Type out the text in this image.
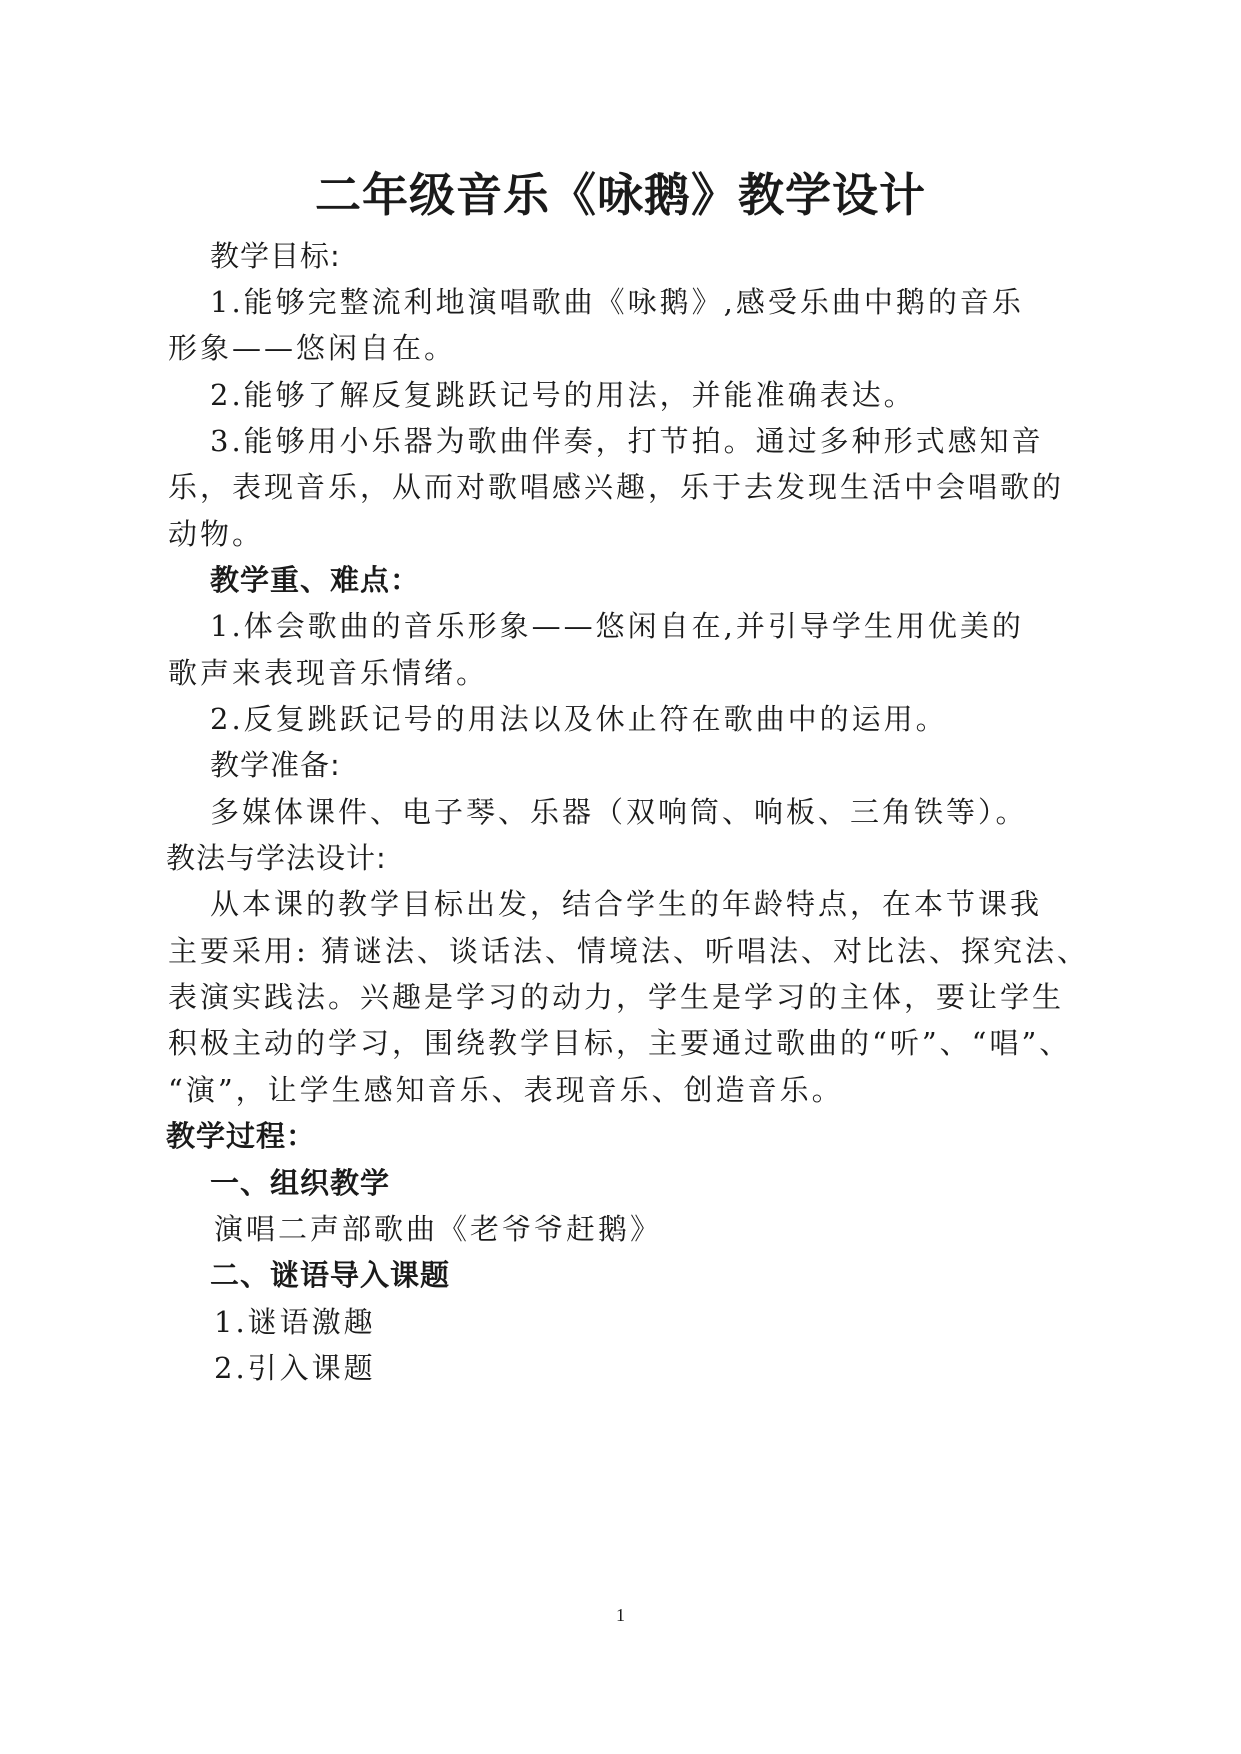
二年级音乐《咏鹅》教学设计
教学目标:
1.能够完整流利地演唱歌曲《咏鹅》,感受乐曲中鹅的音乐
形象——悠闲自在。
2.能够了解反复跳跃记号的用法，并能准确表达。
3.能够用小乐器为歌曲伴奏，打节拍。通过多种形式感知音
乐，表现音乐，从而对歌唱感兴趣，乐于去发现生活中会唱歌的
动物。
教学重、难点：
1.体会歌曲的音乐形象——悠闲自在,并引导学生用优美的
歌声来表现音乐情绪。
2.反复跳跃记号的用法以及休止符在歌曲中的运用。
教学准备:
多媒体课件、电子琴、乐器（双响筒、响板、三角铁等）。
教法与学法设计:
从本课的教学目标出发，结合学生的年龄特点，在本节课我
主要采用: 猜谜法、谈话法、情境法、听唱法、对比法、探究法、
表演实践法。兴趣是学习的动力，学生是学习的主体，要让学生
积极主动的学习，围绕教学目标，主要通过歌曲的“听”、“唱”、
“演”，让学生感知音乐、表现音乐、创造音乐。
教学过程：
一、组织教学
演唱二声部歌曲《老爷爷赶鹅》
二、谜语导入课题
1.谜语激趣
2.引入课题
1
